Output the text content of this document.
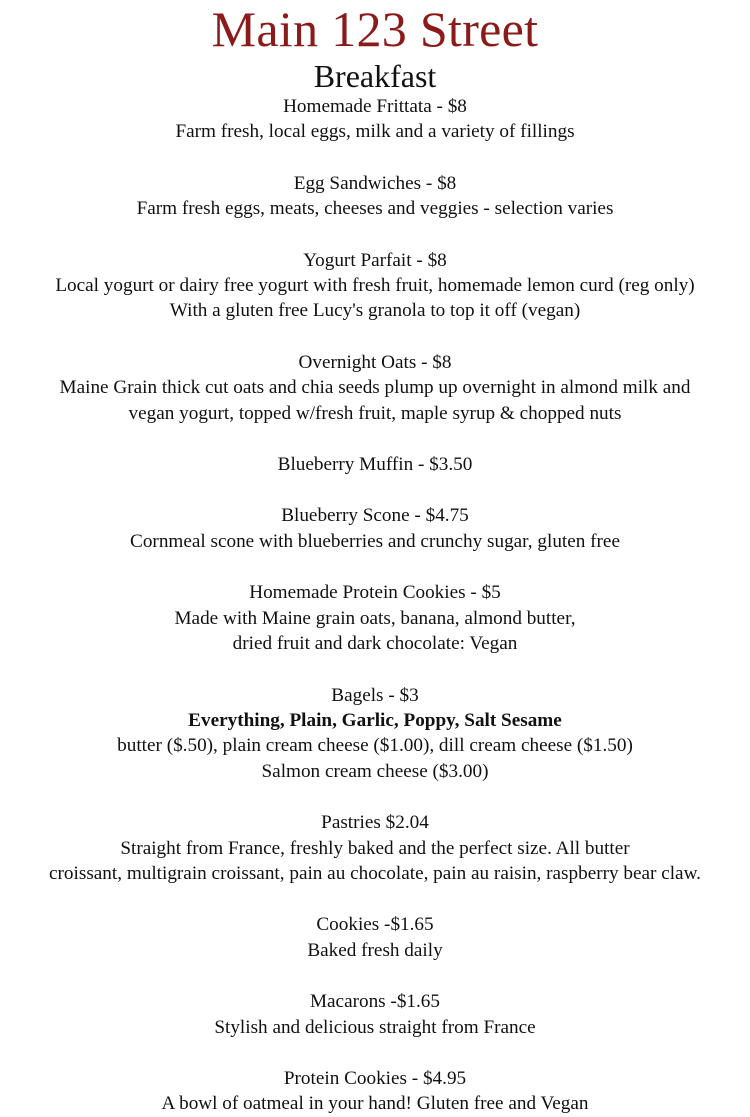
Main 123 Street
Breakfast
Homemade Frittata - $8
Farm fresh, local eggs, milk and a variety of fillings
Egg Sandwiches - $8
Farm fresh eggs, meats, cheeses and veggies - selection varies
Yogurt Parfait - $8
Local yogurt or dairy free yogurt with fresh fruit, homemade lemon curd (reg only)
With a gluten free Lucy's granola to top it off (vegan)
Overnight Oats - $8
Maine Grain thick cut oats and chia seeds plump up overnight in almond milk and
vegan yogurt, topped w/fresh fruit, maple syrup & chopped nuts
Blueberry Muffin - $3.50
Blueberry Scone - $4.75
Cornmeal scone with blueberries and crunchy sugar, gluten free
Homemade Protein Cookies - $5
Made with Maine grain oats, banana, almond butter,
dried fruit and dark chocolate: Vegan
Bagels - $3
Everything, Plain, Garlic, Poppy, Salt Sesame
butter ($.50), plain cream cheese ($1.00), dill cream cheese ($1.50)
Salmon cream cheese ($3.00)
Pastries $2.04
Straight from France, freshly baked and the perfect size. All butter
croissant, multigrain croissant, pain au chocolate, pain au raisin, raspberry bear claw.
Cookies -$1.65
Baked fresh daily
Macarons -$1.65
Stylish and delicious straight from France
Protein Cookies - $4.95
A bowl of oatmeal in your hand! Gluten free and Vegan
